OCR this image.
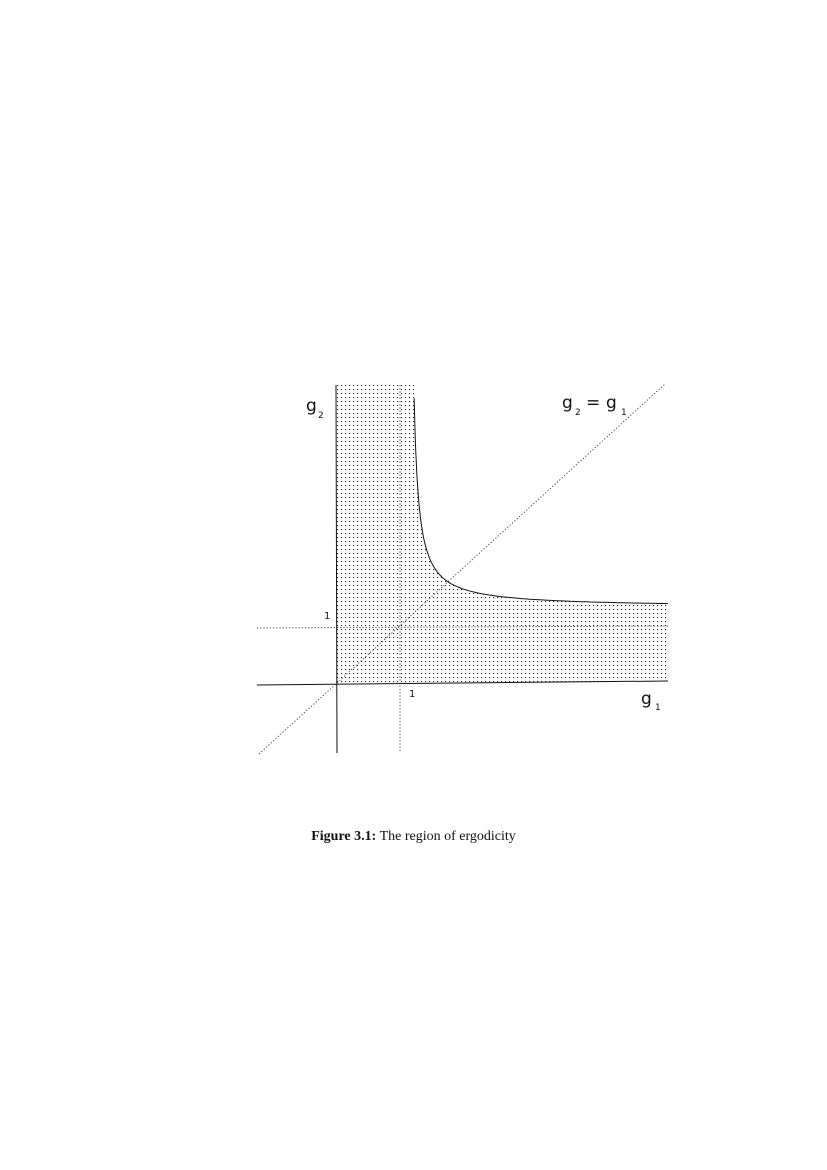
1
1
g 2
g 1
g 2 = g 1
Figure 3.1: The region of ergodicity
